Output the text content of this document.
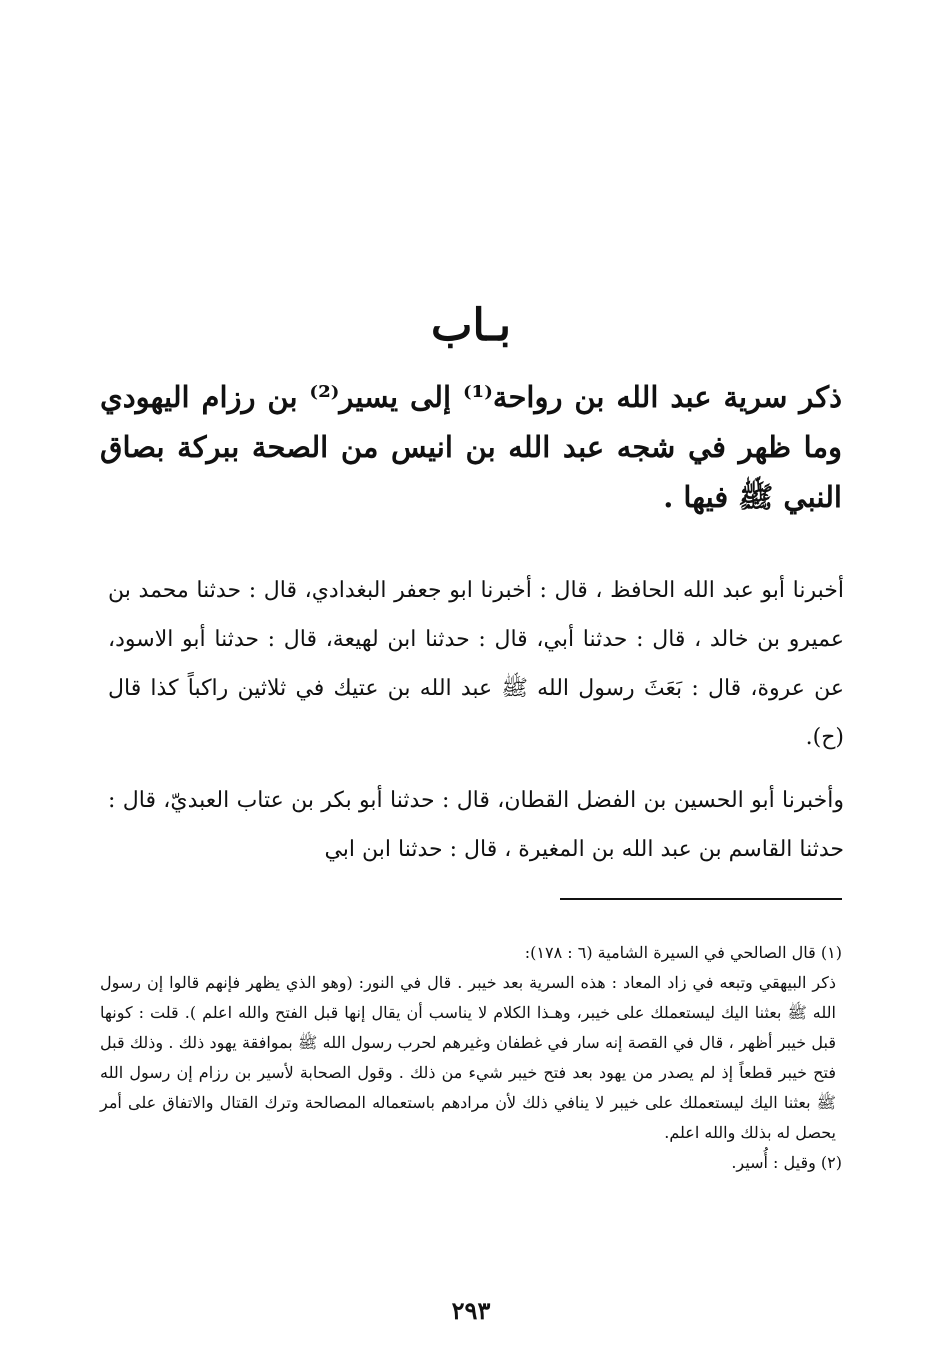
بـاب
ذكر سرية عبد الله بن رواحة⁽¹⁾ إلى يسير⁽²⁾ بن رزام اليهودي وما ظهر في شجه عبد الله بن انيس من الصحة ببركة بصاق النبي ﷺ فيها .

أخبرنا أبو عبد الله الحافظ ، قال : أخبرنا ابو جعفر البغدادي، قال : حدثنا محمد بن عميرو بن خالد ، قال : حدثنا أبي، قال : حدثنا ابن لهيعة، قال : حدثنا أبو الاسود، عن عروة، قال : بَعَثَ رسول الله ﷺ عبد الله بن عتيك في ثلاثين راكباً كذا قال (ح).

وأخبرنا أبو الحسين بن الفضل القطان، قال : حدثنا أبو بكر بن عتاب العبديّ، قال : حدثنا القاسم بن عبد الله بن المغيرة ، قال : حدثنا ابن ابي

(١) قال الصالحي في السيرة الشامية (٦ : ١٧٨):

ذكر البيهقي وتبعه في زاد المعاد : هذه السرية بعد خيبر . قال في النور: (وهو الذي يظهر فإنهم قالوا إن رسول الله ﷺ بعثنا اليك ليستعملك على خيبر، وهـذا الكلام لا يناسب أن يقال إنها قبل الفتح والله اعلم ). قلت : كونها قبل خيبر أظهر ، قال في القصة إنه سار في غطفان وغيرهم لحرب رسول الله ﷺ بموافقة يهود ذلك . وذلك قبل فتح خيبر قطعاً إذ لم يصدر من يهود بعد فتح خيبر شيء من ذلك . وقول الصحابة لأسير بن رزام إن رسول الله ﷺ بعثنا اليك ليستعملك على خيبر لا ينافي ذلك لأن مرادهم باستعماله المصالحة وترك القتال والاتفاق على أمر يحصل له بذلك والله اعلم.

(٢) وقيل : أُسير.

٢٩٣
